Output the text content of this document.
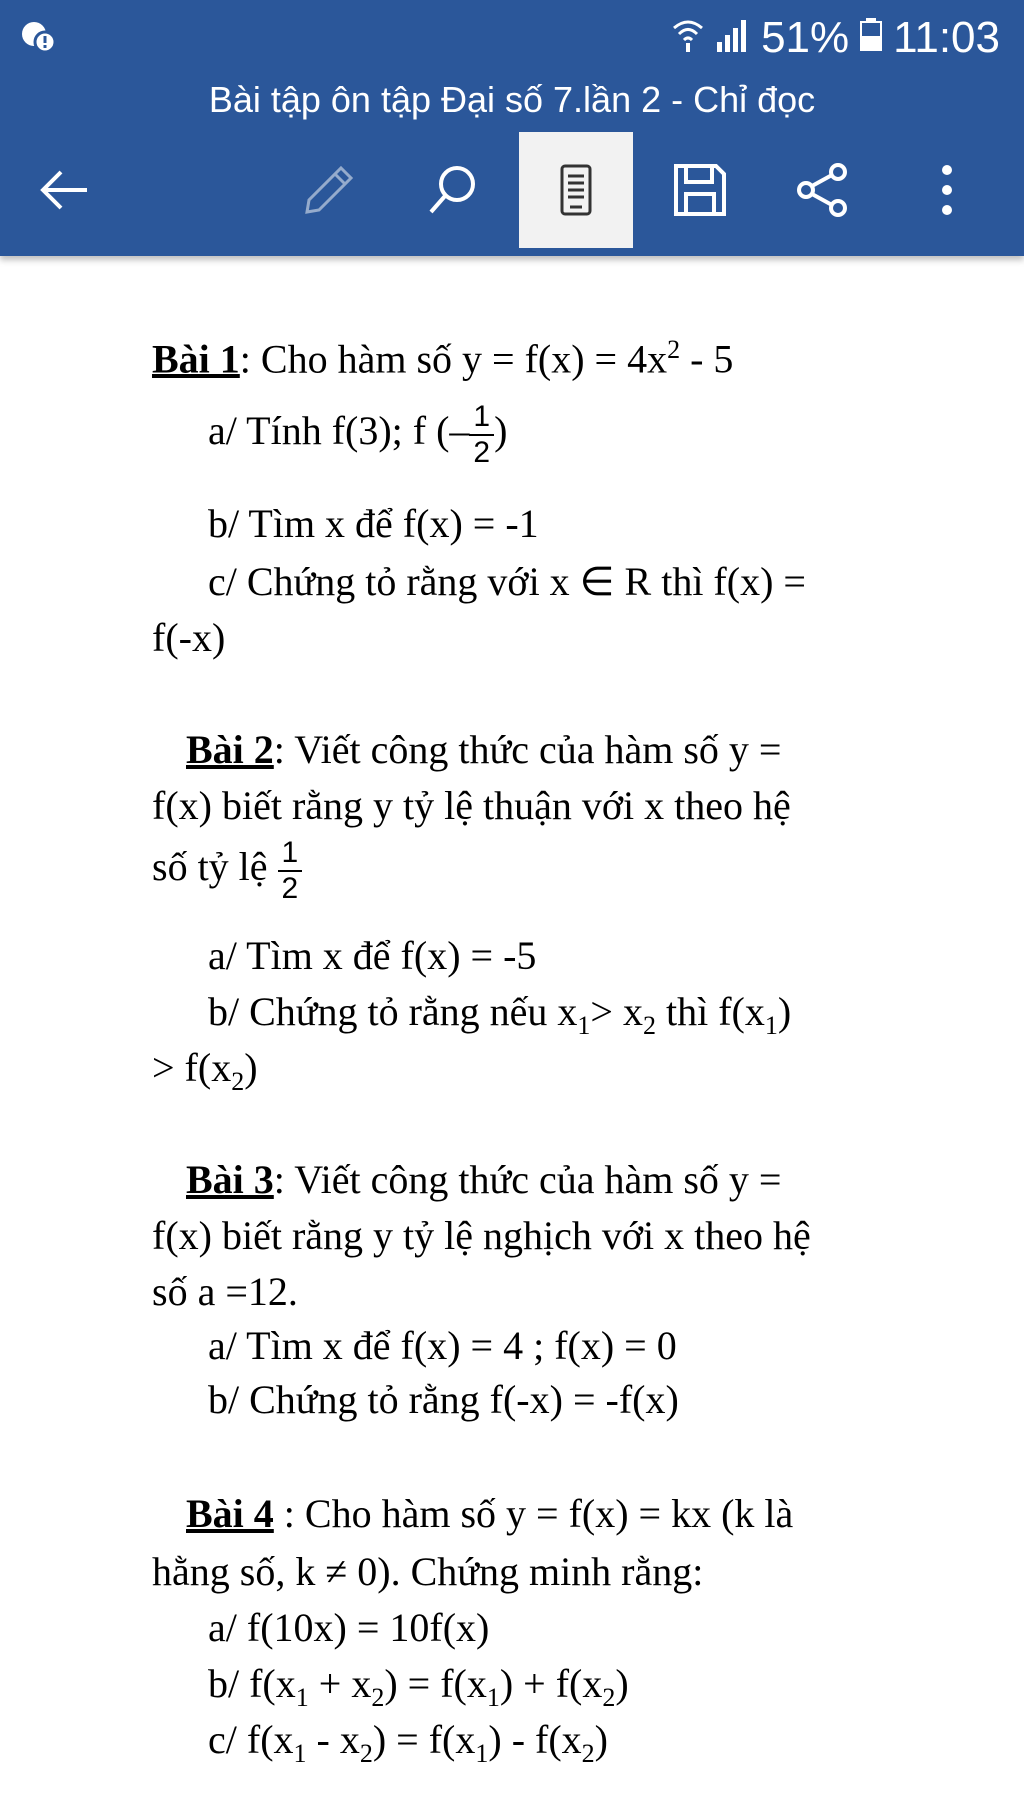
51% 11:03
Bài tập ôn tập Đại số 7.lần 2 - Chỉ đọc
Bài 1: Cho hàm số $y = f(x) = 4x^2 - 5$
a/ Tính f(3); f (– $\frac{1}{2}$ )
b/ Tìm x để f(x) = -1
c/ Chứng tỏ rằng với x ∈ R thì f(x) =
f(-x)
Bài 2: Viết công thức của hàm số y =
f(x) biết rằng y tỷ lệ thuận với x theo hệ
số tỷ lệ $\frac{1}{2}$
a/ Tìm x để f(x) = -5
b/ Chứng tỏ rằng nếu $x_1> x_2$ thì $f(x_1)$
> $f(x_2)$
Bài 3: Viết công thức của hàm số y =
f(x) biết rằng y tỷ lệ nghịch với x theo hệ
số a =12.
a/ Tìm x để f(x) = 4 ; f(x) = 0
b/ Chứng tỏ rằng f(-x) = -f(x)
Bài 4 : Cho hàm số y = f(x) = kx (k là
hằng số, k ≠ 0). Chứng minh rằng:
a/ f(10x) = 10f(x)
b/ $f(x_1 + x_2) = f(x_1) + f(x_2)$
c/ $f(x_1 - x_2) = f(x_1) - f(x_2)$
